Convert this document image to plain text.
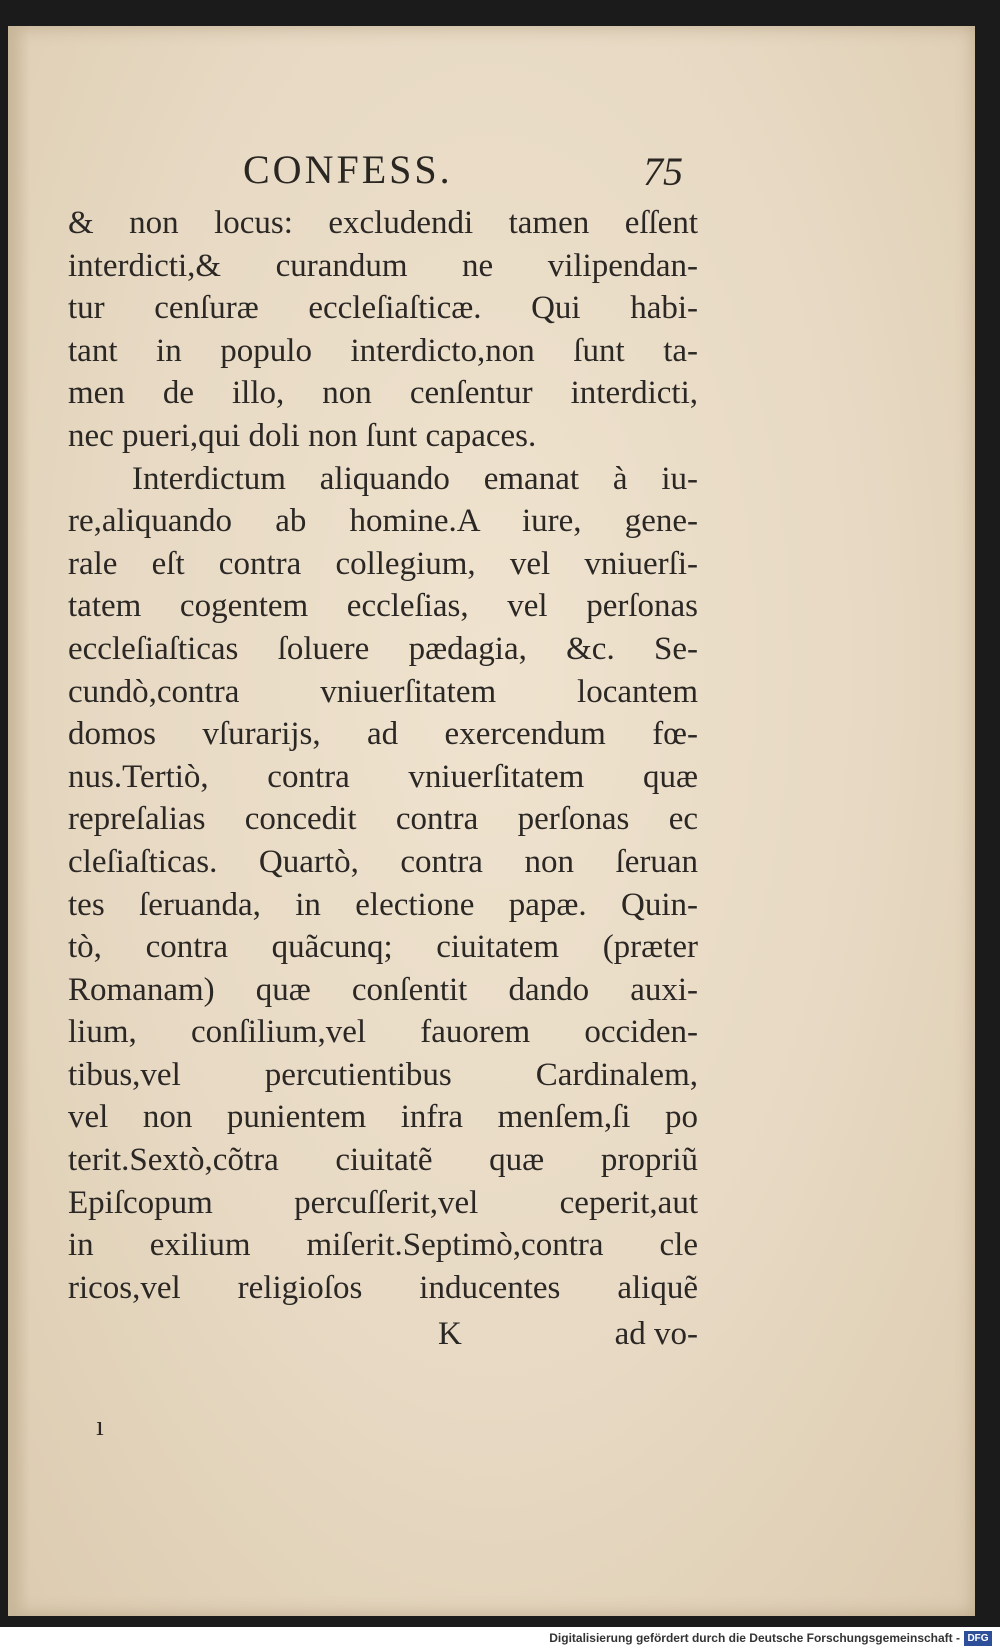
CONFESS.	75
& non locus: excludendi tamen eſſent
interdicti,& curandum ne vilipendan-
tur cenſuræ eccleſiaſticæ. Qui habi-
tant in populo interdicto,non ſunt ta-
men de illo, non cenſentur interdicti,
nec pueri,qui doli non ſunt capaces.
Interdictum aliquando emanat à iu-
re,aliquando ab homine.A iure, gene-
rale eſt contra collegium, vel vniuerſi-
tatem cogentem eccleſias, vel perſonas
eccleſiaſticas ſoluere pædagia, &c. Se-
cundò,contra vniuerſitatem locantem
domos vſurarijs, ad exercendum fœ-
nus.Tertiò, contra vniuerſitatem quæ
repreſalias concedit contra perſonas ec
cleſiaſticas. Quartò, contra non ſeruan
tes ſeruanda, in electione papæ. Quin-
tò, contra quãcunq; ciuitatem (præter
Romanam) quæ conſentit dando auxi-
lium, conſilium,vel fauorem occiden-
tibus,vel percutientibus Cardinalem,
vel non punientem infra menſem,ſi po
terit.Sextò,cõtra ciuitatẽ quæ propriũ
Epiſcopum percuſſerit,vel ceperit,aut
in exilium miſerit.Septimò,contra cle
ricos,vel religioſos inducentes aliquẽ
K	ad vo-
ı
Digitalisierung gefördert durch die Deutsche Forschungsgemeinschaft - DFG
